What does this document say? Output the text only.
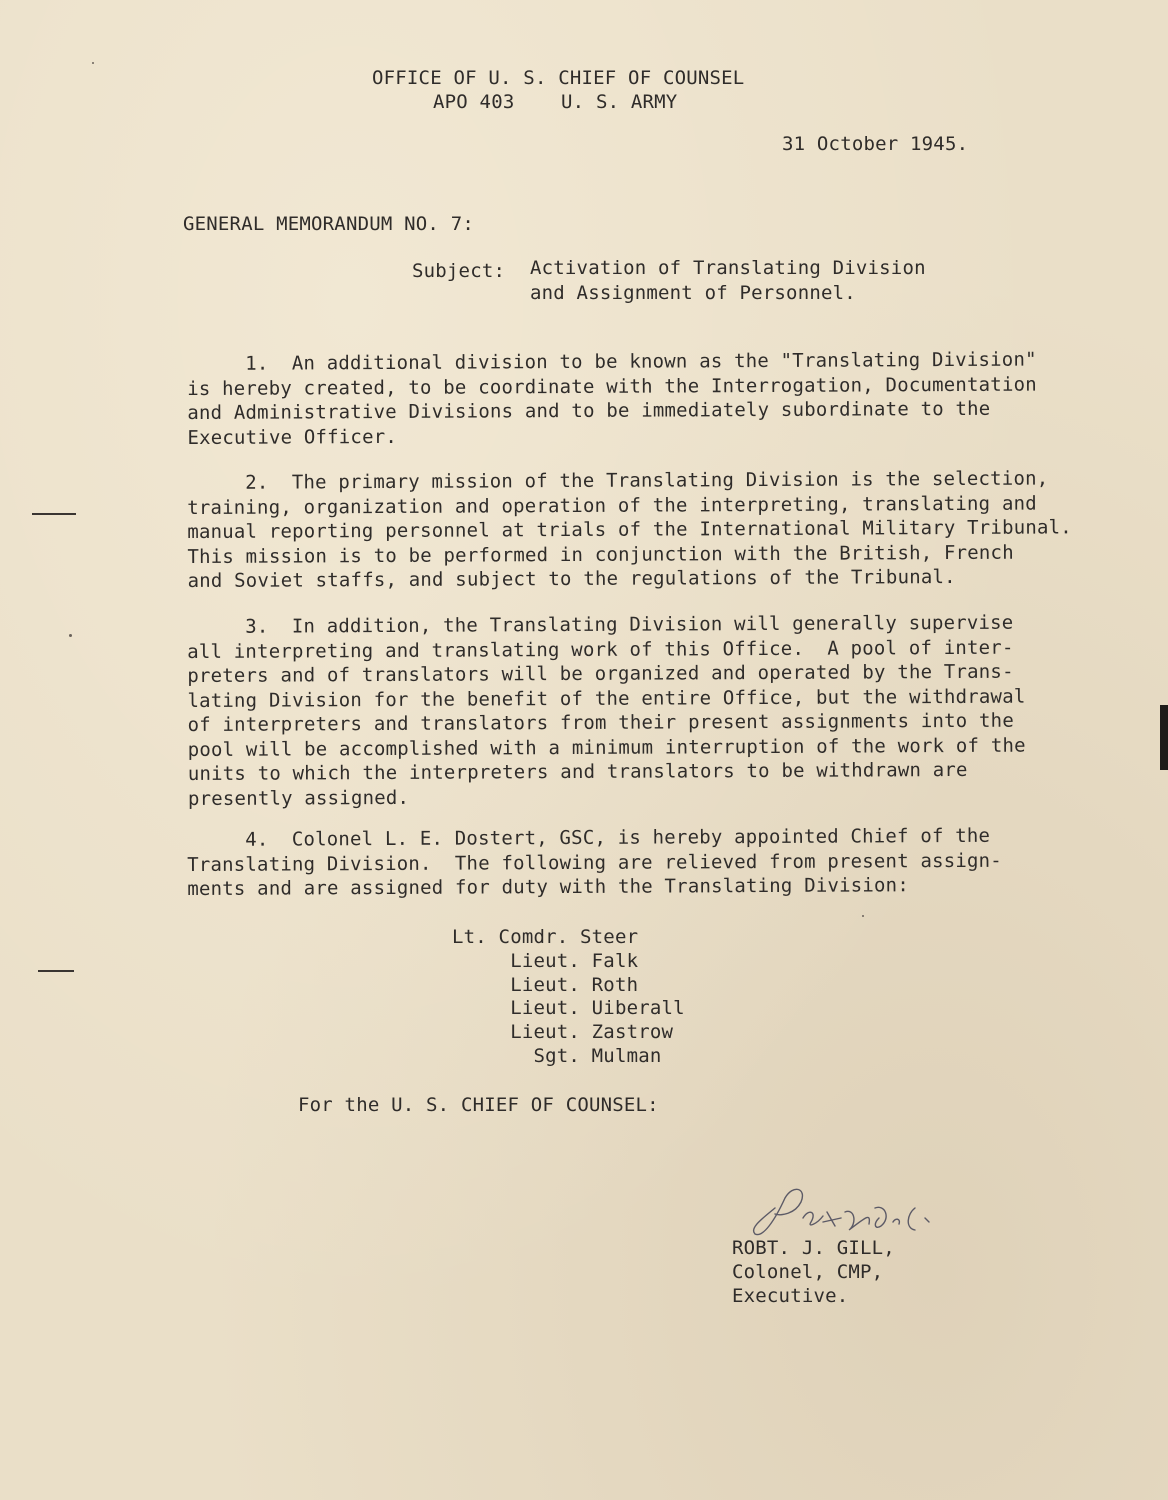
OFFICE OF U. S. CHIEF OF COUNSEL
APO 403    U. S. ARMY
31 October 1945.
GENERAL MEMORANDUM NO. 7:
Subject: Activation of Translating Division
and Assignment of Personnel.
1.  An additional division to be known as the "Translating Division"
is hereby created, to be coordinate with the Interrogation, Documentation
and Administrative Divisions and to be immediately subordinate to the
Executive Officer.
2.  The primary mission of the Translating Division is the selection,
training, organization and operation of the interpreting, translating and
manual reporting personnel at trials of the International Military Tribunal.
This mission is to be performed in conjunction with the British, French
and Soviet staffs, and subject to the regulations of the Tribunal.
3.  In addition, the Translating Division will generally supervise
all interpreting and translating work of this Office.  A pool of inter-
preters and of translators will be organized and operated by the Trans-
lating Division for the benefit of the entire Office, but the withdrawal
of interpreters and translators from their present assignments into the
pool will be accomplished with a minimum interruption of the work of the
units to which the interpreters and translators to be withdrawn are
presently assigned.
4.  Colonel L. E. Dostert, GSC, is hereby appointed Chief of the
Translating Division.  The following are relieved from present assign-
ments and are assigned for duty with the Translating Division:
Lt. Comdr. Steer
Lieut. Falk
Lieut. Roth
Lieut. Uiberall
Lieut. Zastrow
Sgt. Mulman
For the U. S. CHIEF OF COUNSEL:
ROBT. J. GILL,
Colonel, CMP,
Executive.
